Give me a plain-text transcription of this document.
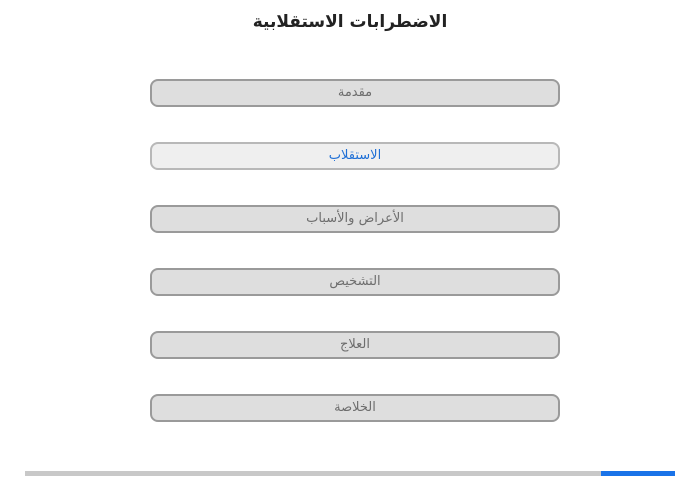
الاضطرابات الاستقلابية
مقدمة
الاستقلاب
الأعراض والأسباب
التشخيص
العلاج
الخلاصة
